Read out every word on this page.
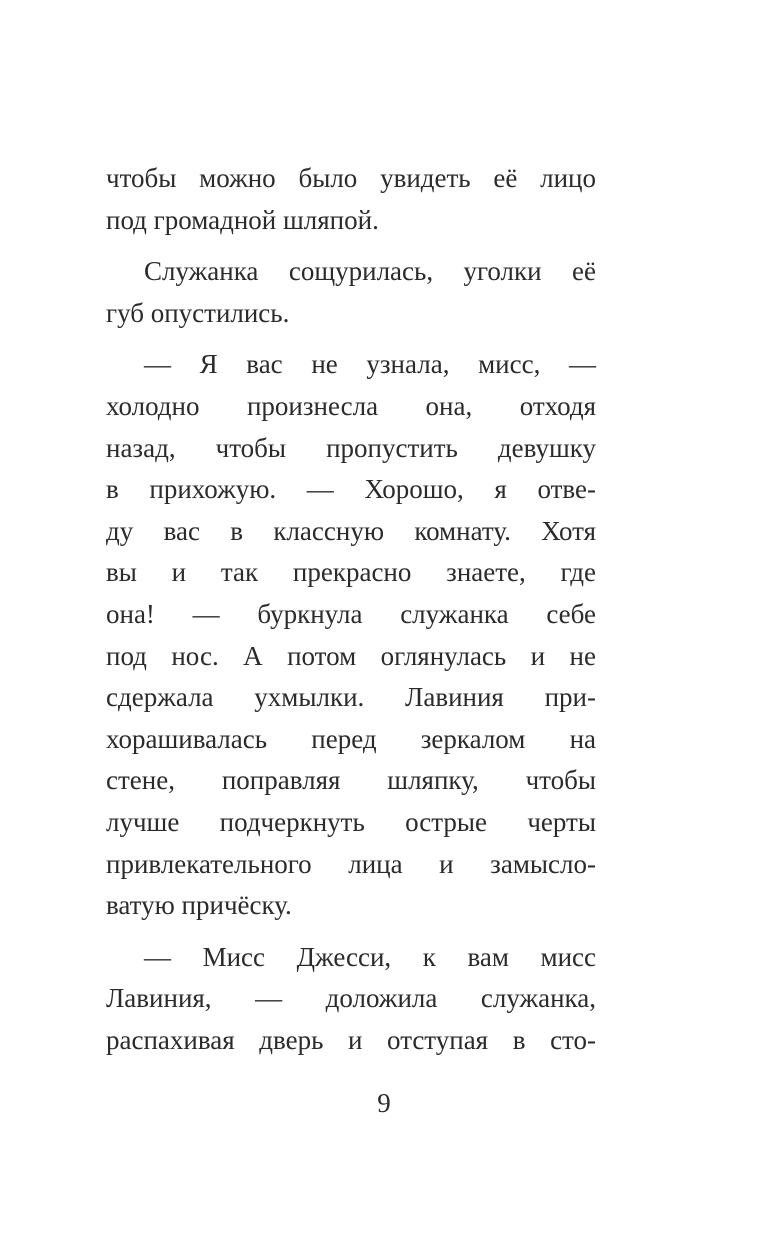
чтобы можно было увидеть её лицо
под громадной шляпой.
Служанка сощурилась, уголки её
губ опустились.
— Я вас не узнала, мисс, —
холодно произнесла она, отходя
назад, чтобы пропустить девушку
в прихожую. — Хорошо, я отве-
ду вас в классную комнату. Хотя
вы и так прекрасно знаете, где
она! — буркнула служанка себе
под нос. А потом оглянулась и не
сдержала ухмылки. Лавиния при-
хорашивалась перед зеркалом на
стене, поправляя шляпку, чтобы
лучше подчеркнуть острые черты
привлекательного лица и замысло-
ватую причёску.
— Мисс Джесси, к вам мисс
Лавиния, — доложила служанка,
распахивая дверь и отступая в сто-
9
